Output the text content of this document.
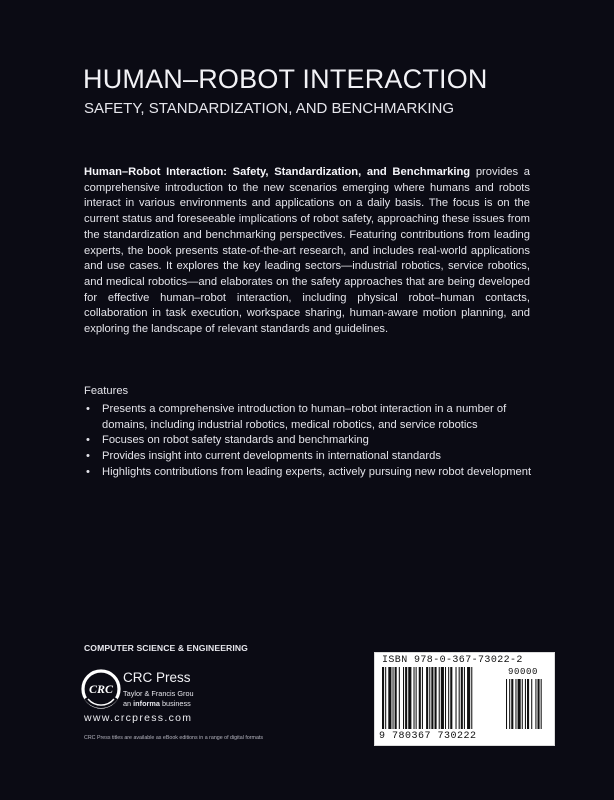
HUMAN–ROBOT INTERACTION
SAFETY, STANDARDIZATION, AND BENCHMARKING

Human–Robot Interaction: Safety, Standardization, and Benchmarking provides a comprehensive introduction to the new scenarios emerging where humans and robots interact in various environments and applications on a daily basis. The focus is on the current status and foreseeable implications of robot safety, approaching these issues from the standardization and benchmarking perspectives. Featuring contributions from leading experts, the book presents state-of-the-art research, and includes real-world applications and use cases. It explores the key leading sectors—industrial robotics, service robotics, and medical robotics—and elaborates on the safety approaches that are being developed for effective human–robot interaction, including physical robot–human contacts, collaboration in task execution, workspace sharing, human-aware motion planning, and exploring the landscape of relevant standards and guidelines.

Features
• Presents a comprehensive introduction to human–robot interaction in a number of domains, including industrial robotics, medical robotics, and service robotics
• Focuses on robot safety standards and benchmarking
• Provides insight into current developments in international standards
• Highlights contributions from leading experts, actively pursuing new robot development
COMPUTER SCIENCE & ENGINEERING
CRC
CRC Press
Taylor & Francis Grou
an informa business
www.crcpress.com
CRC Press titles are available as eBook editions in a range of digital formats
ISBN 978-0-367-73022-2
90000
9 780367 730222
